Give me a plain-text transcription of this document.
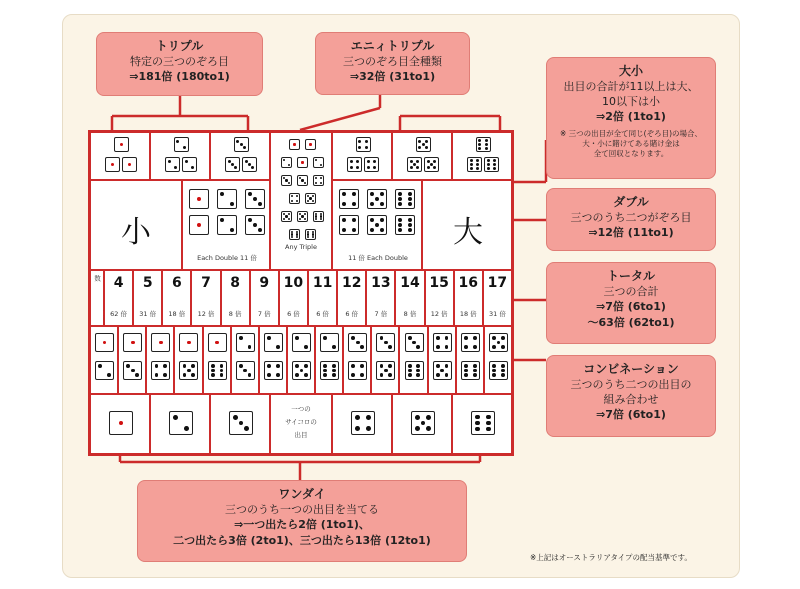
トリプル
特定の三つのぞろ目
⇒181倍 (180to1)
エニィトリプル
三つのぞろ目全種類
⇒32倍 (31to1)	大小
出目の合計が11以上は大、
10以下は小
⇒2倍 (1to1)
※ 三つの出目が全て同じ(ぞろ目)の場合、
大・小に賭けてある賭け金は
全て回収となります。
ダブル
三つのうち二つがぞろ目
⇒12倍 (11to1)
トータル
三つの合計
⇒7倍 (6to1)
～63倍 (62to1)
コンビネーション
三つのうち二つの出目の
組み合わせ
⇒7倍 (6to1)
ワンダイ
三つのうち一つの出目を当てる
⇒一つ出たら2倍 (1to1)、
二つ出たら3倍 (2to1)、三つ出たら13倍 (12to1)
小	大
Each Double 11 倍
Any Triple
11 倍 Each Double
数
一つの
サイコロの
出目
4
62 倍
5
31 倍
6
18 倍
7
12 倍
8
8 倍
9
7 倍
10
6 倍
11
6 倍
12
6 倍
13
7 倍
14
8 倍
15
12 倍
16
18 倍
17
31 倍
※上記はオーストラリアタイプの配当基準です。
